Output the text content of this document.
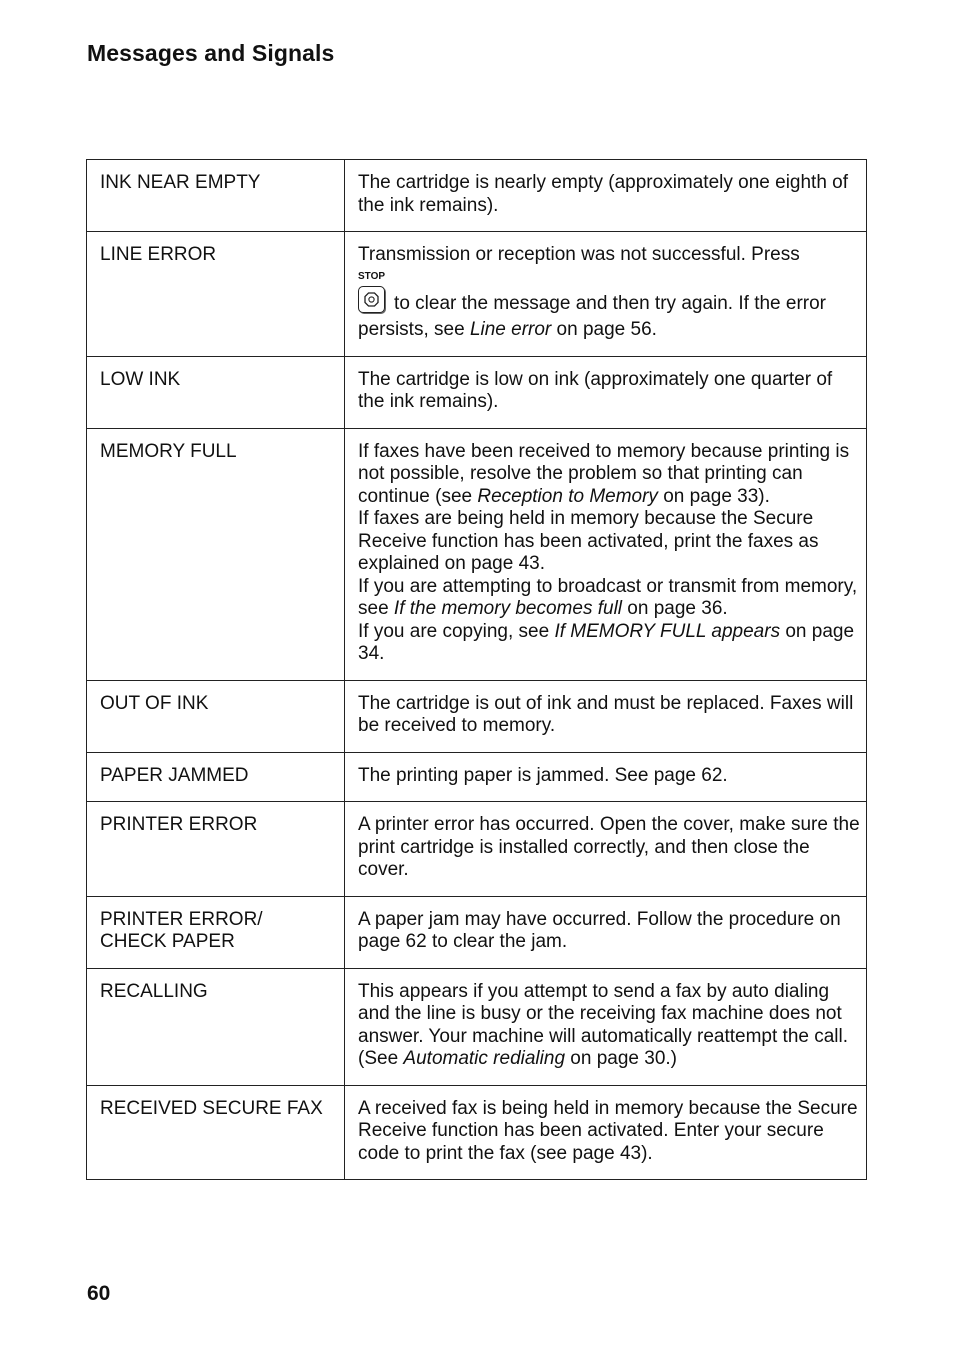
Messages and Signals
INK NEAR EMPTY	The cartridge is nearly empty (approximately one eighth of the ink remains).

LINE ERROR	Transmission or reception was not successful. Press

STOP
to clear the message and then try again. If the error persists, see Line error on page 56.

LOW INK	The cartridge is low on ink (approximately one quarter of the ink remains).

MEMORY FULL	If faxes have been received to memory because printing is not possible, resolve the problem so that printing can continue (see Reception to Memory on page 33).

If faxes are being held in memory because the Secure Receive function has been activated, print the faxes as explained on page 43.

If you are attempting to broadcast or transmit from memory, see If the memory becomes full on page 36.

If you are copying, see If MEMORY FULL appears on page 34.

OUT OF INK	The cartridge is out of ink and must be replaced. Faxes will be received to memory.

PAPER JAMMED	The printing paper is jammed. See page 62.

PRINTER ERROR	A printer error has occurred. Open the cover, make sure the print cartridge is installed correctly, and then close the cover.

PRINTER ERROR/
CHECK PAPER	A paper jam may have occurred. Follow the procedure on page 62 to clear the jam.

RECALLING	This appears if you attempt to send a fax by auto dialing and the line is busy or the receiving fax machine does not answer. Your machine will automatically reattempt the call. (See Automatic redialing on page 30.)

RECEIVED SECURE FAX	A received fax is being held in memory because the Secure Receive function has been activated. Enter your secure code to print the fax (see page 43).

60
